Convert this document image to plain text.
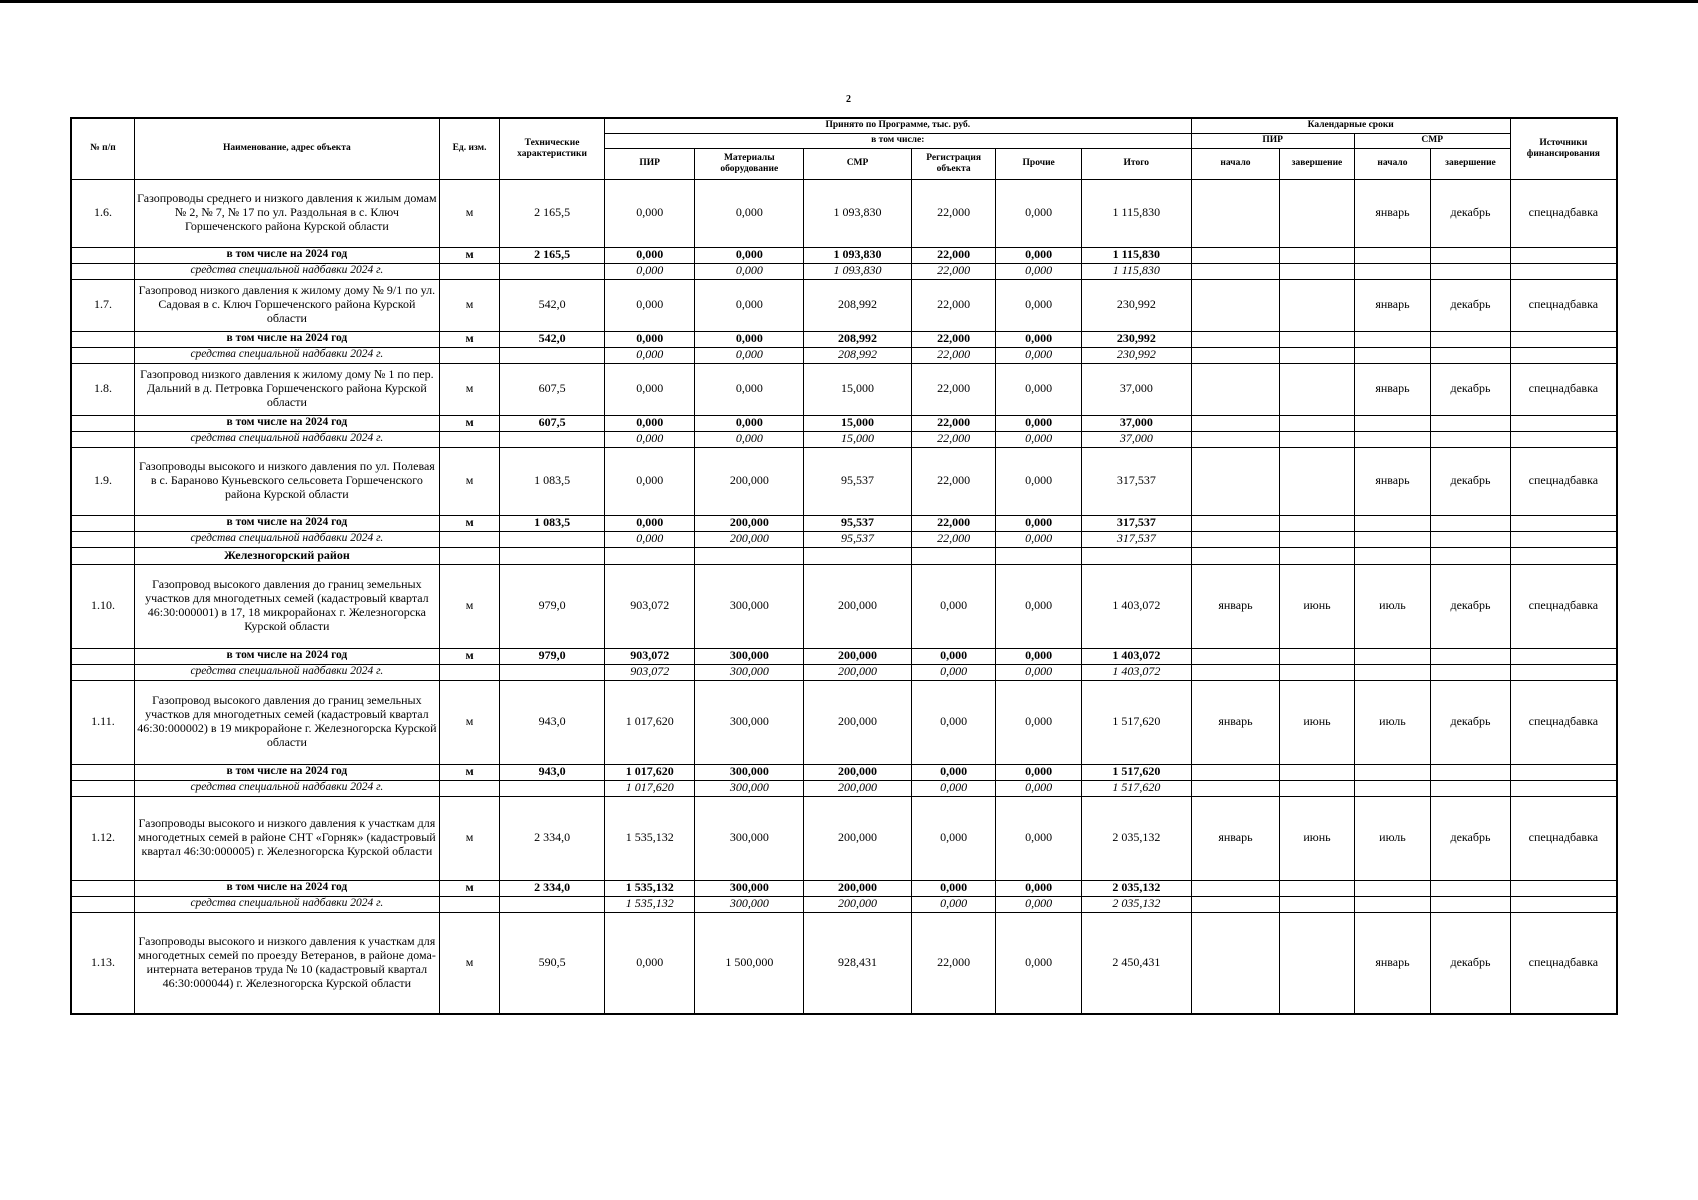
2
№ п/п	Наименование, адрес объекта	Ед. изм.	Технические характеристики	Принято по Программе, тыс. руб.						Календарные сроки				Источники финансирования
				в том числе:						ПИР		СМР		
				ПИР	Материалы оборудование	СМР	Регистрация объекта	Прочие	Итого	начало	завершение	начало	завершение	
1.6.	Газопроводы среднего и низкого давления к жилым домам № 2, № 7, № 17 по ул. Раздольная в с. Ключ Горшеченского района Курской области	м	2 165,5	0,000	0,000	1 093,830	22,000	0,000	1 115,830			январь	декабрь	спецнадбавка
	в том числе на 2024 год	м	2 165,5	0,000	0,000	1 093,830	22,000	0,000	1 115,830					
	средства специальной надбавки 2024 г.			0,000	0,000	1 093,830	22,000	0,000	1 115,830					
1.7.	Газопровод низкого давления к жилому дому № 9/1 по ул. Садовая в с. Ключ Горшеченского района Курской области	м	542,0	0,000	0,000	208,992	22,000	0,000	230,992			январь	декабрь	спецнадбавка
	в том числе на 2024 год	м	542,0	0,000	0,000	208,992	22,000	0,000	230,992					
	средства специальной надбавки 2024 г.			0,000	0,000	208,992	22,000	0,000	230,992					
1.8.	Газопровод низкого давления к жилому дому № 1 по пер. Дальний в д. Петровка Горшеченского района Курской области	м	607,5	0,000	0,000	15,000	22,000	0,000	37,000			январь	декабрь	спецнадбавка
	в том числе на 2024 год	м	607,5	0,000	0,000	15,000	22,000	0,000	37,000					
	средства специальной надбавки 2024 г.			0,000	0,000	15,000	22,000	0,000	37,000					
1.9.	Газопроводы высокого и низкого давления по ул. Полевая в с. Бараново Куньевского сельсовета Горшеченского района Курской области	м	1 083,5	0,000	200,000	95,537	22,000	0,000	317,537			январь	декабрь	спецнадбавка
	в том числе на 2024 год	м	1 083,5	0,000	200,000	95,537	22,000	0,000	317,537					
	средства специальной надбавки 2024 г.			0,000	200,000	95,537	22,000	0,000	317,537					
	Железногорский район													
1.10.	Газопровод высокого давления до границ земельных участков для многодетных семей (кадастровый квартал 46:30:000001) в 17, 18 микрорайонах г. Железногорска Курской области	м	979,0	903,072	300,000	200,000	0,000	0,000	1 403,072	январь	июнь	июль	декабрь	спецнадбавка
	в том числе на 2024 год	м	979,0	903,072	300,000	200,000	0,000	0,000	1 403,072					
	средства специальной надбавки 2024 г.			903,072	300,000	200,000	0,000	0,000	1 403,072					
1.11.	Газопровод высокого давления до границ земельных участков для многодетных семей (кадастровый квартал 46:30:000002) в 19 микрорайоне г. Железногорска Курской области	м	943,0	1 017,620	300,000	200,000	0,000	0,000	1 517,620	январь	июнь	июль	декабрь	спецнадбавка
	в том числе на 2024 год	м	943,0	1 017,620	300,000	200,000	0,000	0,000	1 517,620					
	средства специальной надбавки 2024 г.			1 017,620	300,000	200,000	0,000	0,000	1 517,620					
1.12.	Газопроводы высокого и низкого давления к участкам для многодетных семей в районе СНТ «Горняк» (кадастровый квартал 46:30:000005) г. Железногорска Курской области	м	2 334,0	1 535,132	300,000	200,000	0,000	0,000	2 035,132	январь	июнь	июль	декабрь	спецнадбавка
	в том числе на 2024 год	м	2 334,0	1 535,132	300,000	200,000	0,000	0,000	2 035,132					
	средства специальной надбавки 2024 г.			1 535,132	300,000	200,000	0,000	0,000	2 035,132					
1.13.	Газопроводы высокого и низкого давления к участкам для многодетных семей по проезду Ветеранов, в районе дома-интерната ветеранов труда № 10 (кадастровый квартал 46:30:000044) г. Железногорска Курской области	м	590,5	0,000	1 500,000	928,431	22,000	0,000	2 450,431			январь	декабрь	спецнадбавка
